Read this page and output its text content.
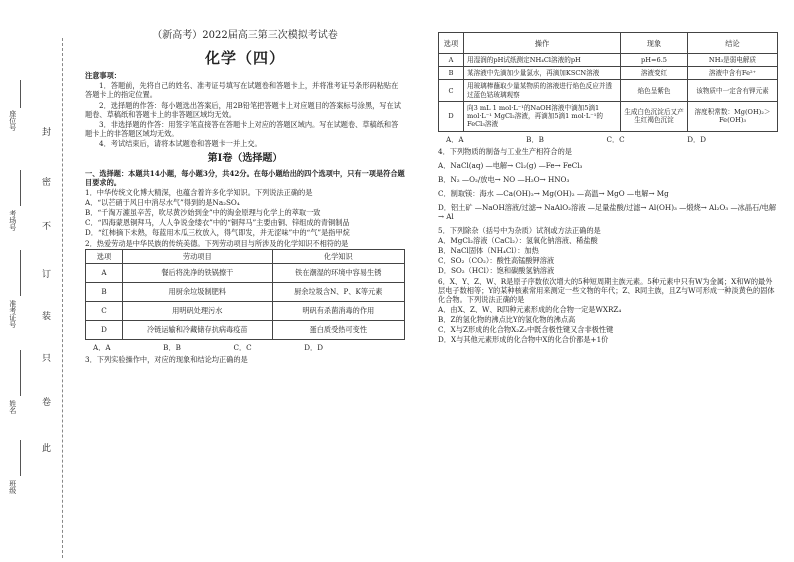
座位号
考场号
准考证号
姓名
班级
封
密
不
订
装
只
卷
此
（新高考）2022届高三第三次模拟考试卷
化学（四）

注意事项：

1．答题前，先将自己的姓名、准考证号填写在试题卷和答题卡上，并将准考证号条形码粘贴在答题卡上的指定位置。

2．选择题的作答：每小题选出答案后，用2B铅笔把答题卡上对应题目的答案标号涂黑，写在试题卷、草稿纸和答题卡上的非答题区域均无效。

3．非选择题的作答：用签字笔直接答在答题卡上对应的答题区域内。写在试题卷、草稿纸和答题卡上的非答题区域均无效。

4．考试结束后，请将本试题卷和答题卡一并上交。

第Ⅰ卷（选择题）

一、选择题：本题共14小题，每小题3分，共42分。在每小题给出的四个选项中，只有一项是符合题目要求的。

1．中华传统文化博大精深，也蕴含着许多化学知识。下列说法正确的是

A．“以芒硝于风日中消尽水气”得到的是Na₂SO₄

B．“千淘万漉虽辛苦，吹尽黄沙始到金”中的淘金原理与化学上的萃取一致

C．“四海蒙恩铜拜马，人人争说金缕衣”中的“铜拜马”主要由铜、锌组成的青铜制品

D．“红柿摘下未熟，每蓝用木瓜三枚放入，得气即发，并无涩味”中的“气”是指甲烷

2．热爱劳动是中华民族的传统美德。下列劳动项目与所涉及的化学知识不相符的是

选项	劳动项目	化学知识
A	餐后将洗净的铁锅擦干	铁在潮湿的环境中容易生锈
B	用厨余垃圾制肥料	厨余垃圾含N、P、K等元素
C	用明矾处理污水	明矾有杀菌消毒的作用
D	冷链运输和冷藏储存抗病毒疫苗	蛋白质受热可变性
A．A	B．B	C．C	D．D

3．下列实验操作中，对应的现象和结论均正确的是

选项	操作	现象	结论
A	用湿润的pH试纸测定NH₄Cl溶液的pH	pH=6.5	NH₃是弱电解质
B	某溶液中先滴加少量氯水，再滴加KSCN溶液	溶液变红	溶液中含有Fe²⁺
C	用玻璃棒蘸取少量某物质的溶液进行焰色反应并透过蓝色钴玻璃观察	焰色呈紫色	该物质中一定含有钾元素
D	向3 mL 1 mol·L⁻¹的NaOH溶液中滴加5滴1 mol·L⁻¹ MgCl₂溶液，再滴加5滴1 mol·L⁻¹的FeCl₃溶液	生成白色沉淀后又产生红褐色沉淀	溶度积常数：Mg(OH)₂＞Fe(OH)₃
A．A	B．B	C．C	D．D

4．下列物质的制备与工业生产相符合的是

A．NaCl(aq) —电解→ Cl₂(g) —Fe→ FeCl₃

B．N₂ —O₂/放电→ NO —H₂O→ HNO₃

C．制取镁：海水 —Ca(OH)₂→ Mg(OH)₂ —高温→ MgO —电解→ Mg

D．铝土矿 —NaOH溶液/过滤→ NaAlO₂溶液 —足量盐酸/过滤→ Al(OH)₃ —煅烧→ Al₂O₃ —冰晶石/电解→ Al

5．下列除杂（括号中为杂质）试剂或方法正确的是

A．MgCl₂溶液（CaCl₂）：氢氧化钠溶液、稀盐酸

B．NaCl固体（NH₄Cl）：加热

C．SO₂（CO₂）：酸性高锰酸钾溶液

D．SO₂（HCl）：饱和碳酸氢钠溶液

6．X、Y、Z、W、R是原子序数依次增大的5种短周期主族元素。5种元素中只有W为金属；X和W的最外层电子数相等；Y的某种核素常用来测定一些文物的年代；Z、R同主族，且Z与W可形成一种淡黄色的固体化合物。下列说法正确的是

A．由X、Z、W、R四种元素形成的化合物一定是WXRZ₄

B．Z的氢化物的沸点比Y的氢化物的沸点高

C．X与Z形成的化合物X₂Z₂中既含极性键又含非极性键

D．X与其他元素形成的化合物中X的化合价都是+1价
